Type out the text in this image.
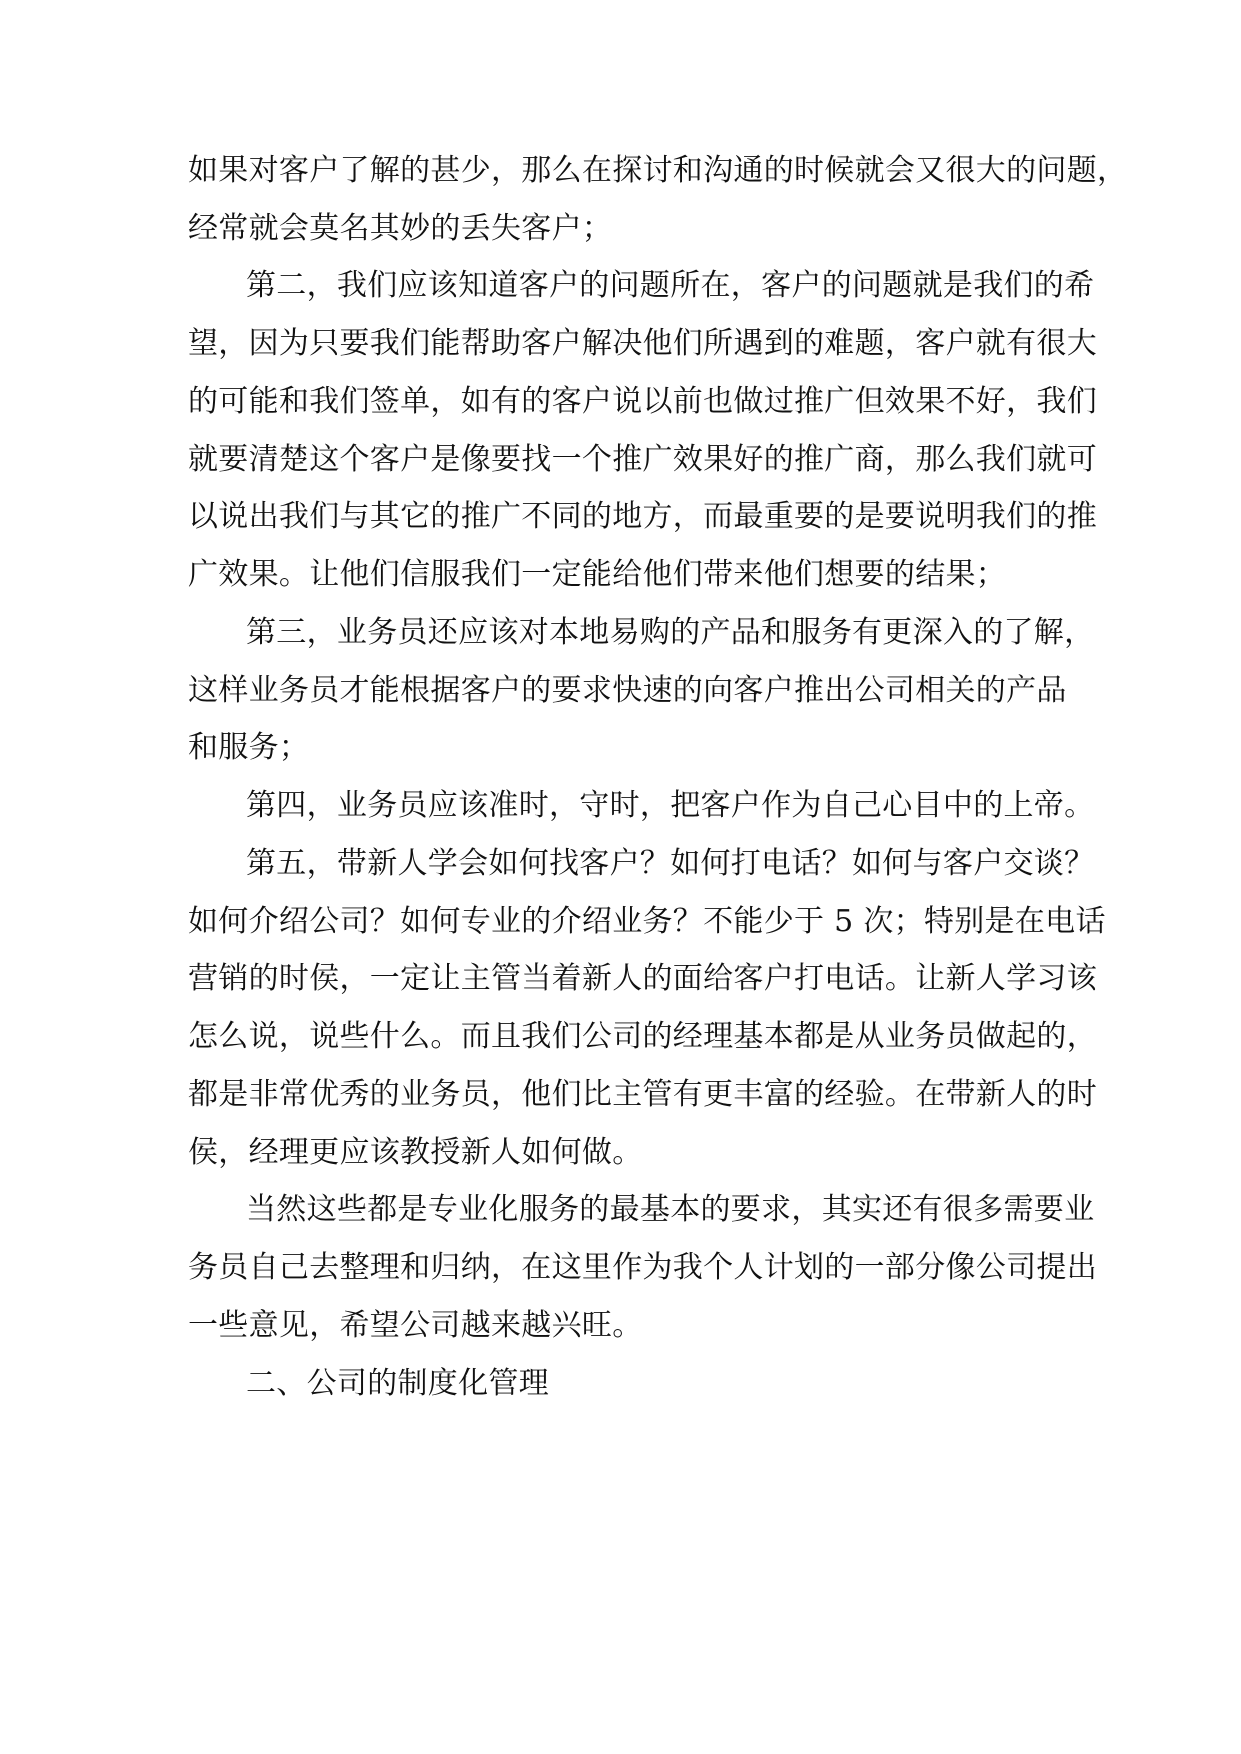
如果对客户了解的甚少，那么在探讨和沟通的时候就会又很大的问题，
经常就会莫名其妙的丢失客户；
第二，我们应该知道客户的问题所在，客户的问题就是我们的希
望，因为只要我们能帮助客户解决他们所遇到的难题，客户就有很大
的可能和我们签单，如有的客户说以前也做过推广但效果不好，我们
就要清楚这个客户是像要找一个推广效果好的推广商，那么我们就可
以说出我们与其它的推广不同的地方，而最重要的是要说明我们的推
广效果。让他们信服我们一定能给他们带来他们想要的结果；
第三，业务员还应该对本地易购的产品和服务有更深入的了解，
这样业务员才能根据客户的要求快速的向客户推出公司相关的产品
和服务；
第四，业务员应该准时，守时，把客户作为自己心目中的上帝。
第五，带新人学会如何找客户？如何打电话？如何与客户交谈？
如何介绍公司？如何专业的介绍业务？不能少于 5 次；特别是在电话
营销的时侯，一定让主管当着新人的面给客户打电话。让新人学习该
怎么说，说些什么。而且我们公司的经理基本都是从业务员做起的，
都是非常优秀的业务员，他们比主管有更丰富的经验。在带新人的时
侯，经理更应该教授新人如何做。
当然这些都是专业化服务的最基本的要求，其实还有很多需要业
务员自己去整理和归纳，在这里作为我个人计划的一部分像公司提出
一些意见，希望公司越来越兴旺。
二、公司的制度化管理
